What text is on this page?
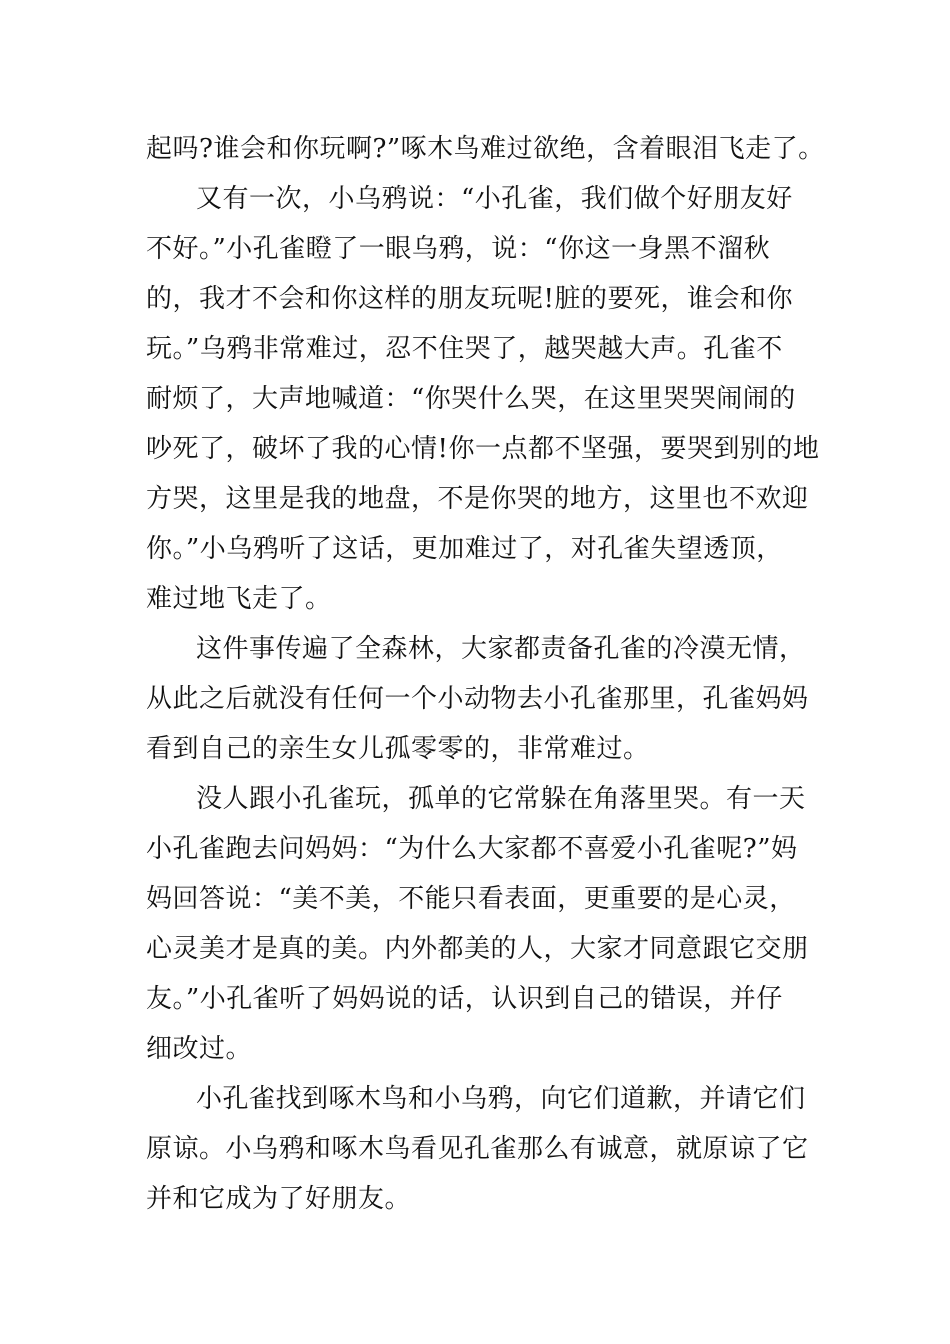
起吗?谁会和你玩啊?”啄木鸟难过欲绝，含着眼泪飞走了。
又有一次，小乌鸦说：“小孔雀，我们做个好朋友好
不好。”小孔雀瞪了一眼乌鸦，说：“你这一身黑不溜秋
的，我才不会和你这样的朋友玩呢!脏的要死，谁会和你
玩。”乌鸦非常难过，忍不住哭了，越哭越大声。孔雀不
耐烦了，大声地喊道：“你哭什么哭，在这里哭哭闹闹的
吵死了，破坏了我的心情!你一点都不坚强，要哭到别的地
方哭，这里是我的地盘，不是你哭的地方，这里也不欢迎
你。”小乌鸦听了这话，更加难过了，对孔雀失望透顶，
难过地飞走了。
这件事传遍了全森林，大家都责备孔雀的冷漠无情，
从此之后就没有任何一个小动物去小孔雀那里，孔雀妈妈
看到自己的亲生女儿孤零零的，非常难过。
没人跟小孔雀玩，孤单的它常躲在角落里哭。有一天
小孔雀跑去问妈妈：“为什么大家都不喜爱小孔雀呢?”妈
妈回答说：“美不美，不能只看表面，更重要的是心灵，
心灵美才是真的美。内外都美的人，大家才同意跟它交朋
友。”小孔雀听了妈妈说的话，认识到自己的错误，并仔
细改过。
小孔雀找到啄木鸟和小乌鸦，向它们道歉，并请它们
原谅。小乌鸦和啄木鸟看见孔雀那么有诚意，就原谅了它
并和它成为了好朋友。
